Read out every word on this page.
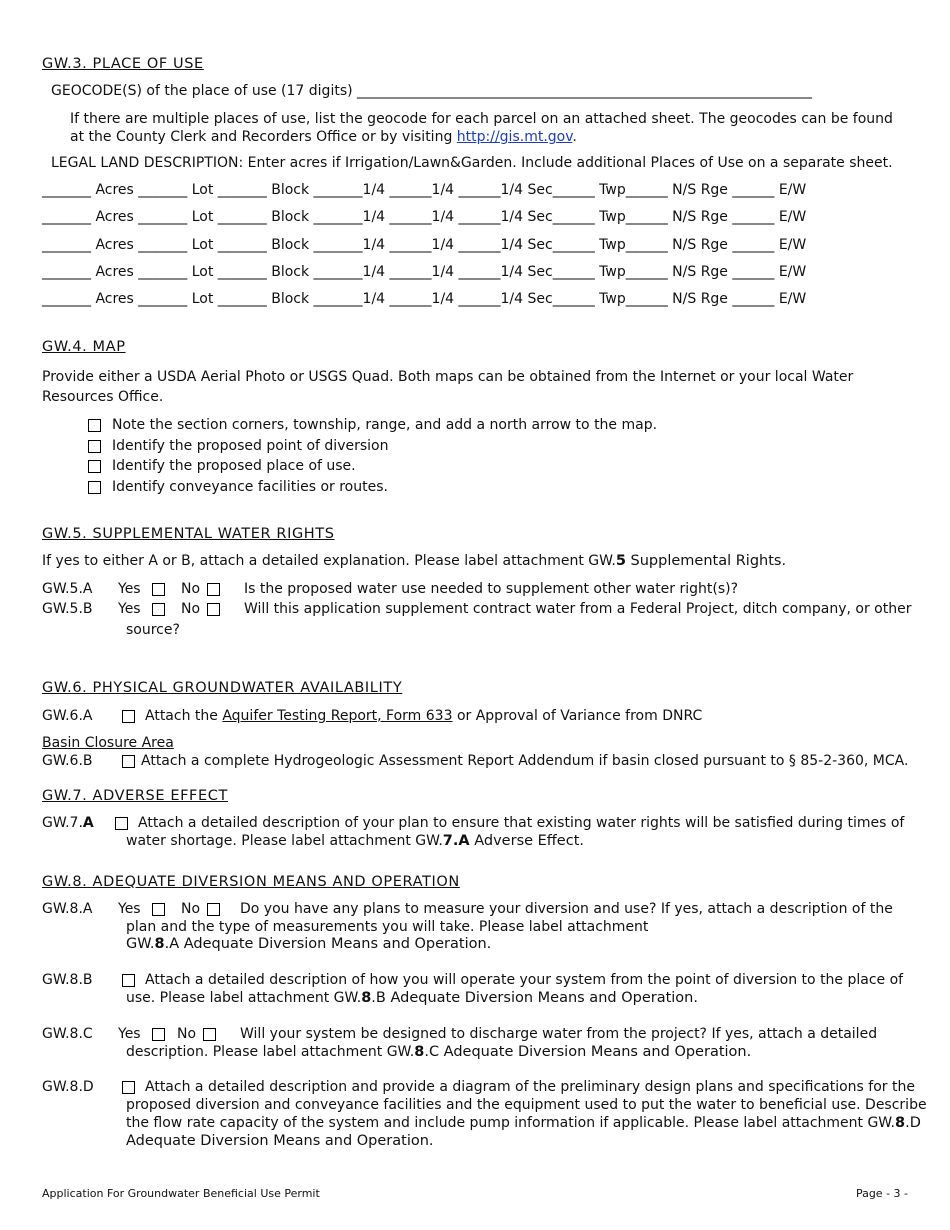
GW.3. PLACE OF USE
GEOCODE(S) of the place of use (17 digits) _________________________________________________________________
If there are multiple places of use, list the geocode for each parcel on an attached sheet. The geocodes can be found at the County Clerk and Recorders Office or by visiting http://gis.mt.gov.
LEGAL LAND DESCRIPTION: Enter acres if Irrigation/Lawn&Garden. Include additional Places of Use on a separate sheet.
_______ Acres _______ Lot _______ Block _______1/4 ______1/4 ______1/4 Sec______ Twp______ N/S Rge ______ E/W
_______ Acres _______ Lot _______ Block _______1/4 ______1/4 ______1/4 Sec______ Twp______ N/S Rge ______ E/W
_______ Acres _______ Lot _______ Block _______1/4 ______1/4 ______1/4 Sec______ Twp______ N/S Rge ______ E/W
_______ Acres _______ Lot _______ Block _______1/4 ______1/4 ______1/4 Sec______ Twp______ N/S Rge ______ E/W
_______ Acres _______ Lot _______ Block _______1/4 ______1/4 ______1/4 Sec______ Twp______ N/S Rge ______ E/W
GW.4. MAP
Provide either a USDA Aerial Photo or USGS Quad. Both maps can be obtained from the Internet or your local Water Resources Office.
Note the section corners, township, range, and add a north arrow to the map.
Identify the proposed point of diversion
Identify the proposed place of use.
Identify conveyance facilities or routes.
GW.5. SUPPLEMENTAL WATER RIGHTS
If yes to either A or B, attach a detailed explanation. Please label attachment GW.5 Supplemental Rights.
GW.5.A Yes	No	Is the proposed water use needed to supplement other water right(s)?
GW.5.B Yes	No	Will this application supplement contract water from a Federal Project, ditch company, or other
source?
GW.6. PHYSICAL GROUNDWATER AVAILABILITY
GW.6.A	Attach the Aquifer Testing Report, Form 633 or Approval of Variance from DNRC
Basin Closure Area
GW.6.B	Attach a complete Hydrogeologic Assessment Report Addendum if basin closed pursuant to § 85-2-360, MCA.
GW.7. ADVERSE EFFECT
GW.7.A	Attach a detailed description of your plan to ensure that existing water rights will be satisfied during times of
water shortage. Please label attachment GW.7.A Adverse Effect.
GW.8. ADEQUATE DIVERSION MEANS AND OPERATION
GW.8.A Yes	No	Do you have any plans to measure your diversion and use? If yes, attach a description of the
plan and the type of measurements you will take. Please label attachment
GW.8.A Adequate Diversion Means and Operation.
GW.8.B	Attach a detailed description of how you will operate your system from the point of diversion to the place of
use. Please label attachment GW.8.B Adequate Diversion Means and Operation.
GW.8.C Yes	No	Will your system be designed to discharge water from the project? If yes, attach a detailed
description. Please label attachment GW.8.C Adequate Diversion Means and Operation.
GW.8.D	Attach a detailed description and provide a diagram of the preliminary design plans and specifications for the
proposed diversion and conveyance facilities and the equipment used to put the water to beneficial use. Describe
the flow rate capacity of the system and include pump information if applicable. Please label attachment GW.8.D
Adequate Diversion Means and Operation.
Application For Groundwater Beneficial Use Permit	Page - 3 -
